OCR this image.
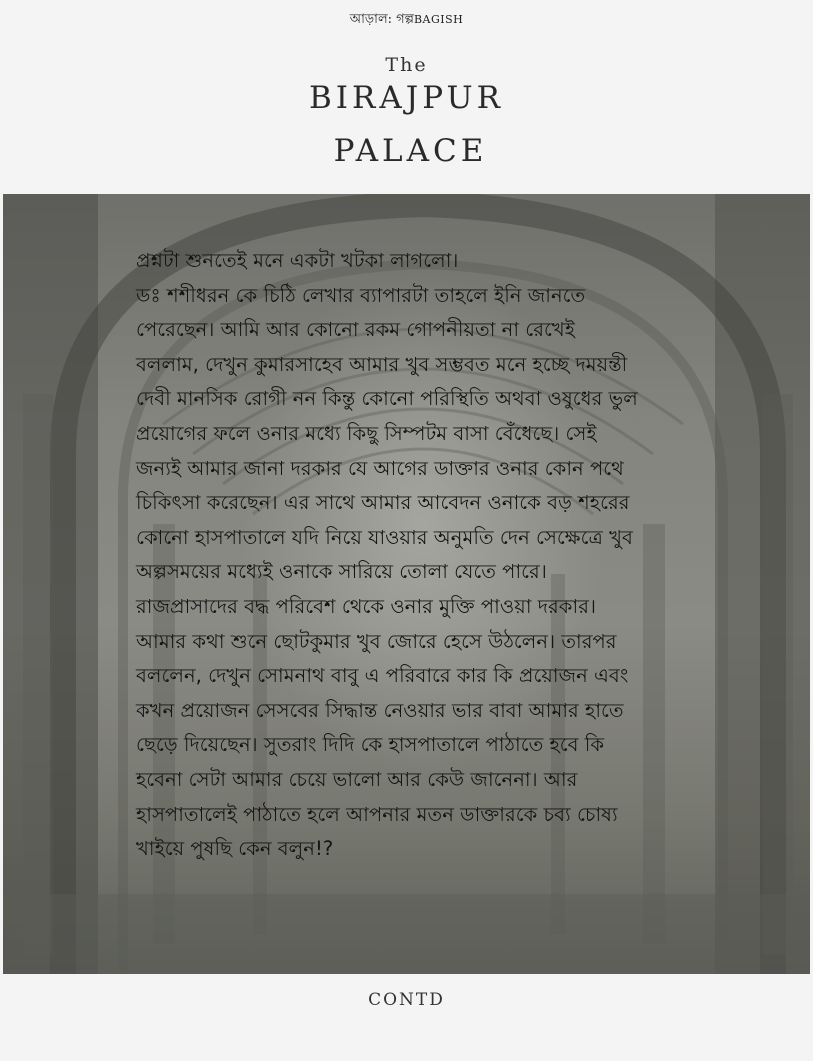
আড়াল: গল্পBAGISH
The
BIRAJPUR
PALACE
প্রশ্নটা শুনতেই মনে একটা খটকা লাগলো।
ডঃ শশীধরন কে চিঠি লেখার ব্যাপারটা তাহলে ইনি জানতে
পেরেছেন। আমি আর কোনো রকম গোপনীয়তা না রেখেই
বললাম, দেখুন কুমারসাহেব আমার খুব সম্ভবত মনে হচ্ছে দময়ন্তী
দেবী মানসিক রোগী নন কিন্তু কোনো পরিস্থিতি অথবা ওষুধের ভুল
প্রয়োগের ফলে ওনার মধ্যে কিছু সিম্পটম বাসা বেঁধেছে। সেই
জন্যই আমার জানা দরকার যে আগের ডাক্তার ওনার কোন পথে
চিকিৎসা করেছেন। এর সাথে আমার আবেদন ওনাকে বড় শহরের
কোনো হাসপাতালে যদি নিয়ে যাওয়ার অনুমতি দেন সেক্ষেত্রে খুব
অল্পসময়ের মধ্যেই ওনাকে সারিয়ে তোলা যেতে পারে।
রাজপ্রাসাদের বদ্ধ পরিবেশ থেকে ওনার মুক্তি পাওয়া দরকার।
আমার কথা শুনে ছোটকুমার খুব জোরে হেসে উঠলেন। তারপর
বললেন, দেখুন সোমনাথ বাবু এ পরিবারে কার কি প্রয়োজন এবং
কখন প্রয়োজন সেসবের সিদ্ধান্ত নেওয়ার ভার বাবা আমার হাতে
ছেড়ে দিয়েছেন। সুতরাং দিদি কে হাসপাতালে পাঠাতে হবে কি
হবেনা সেটা আমার চেয়ে ভালো আর কেউ জানেনা। আর
হাসপাতালেই পাঠাতে হলে আপনার মতন ডাক্তারকে চব্য চোষ্য
খাইয়ে পুষছি কেন বলুন!?
CONTD
